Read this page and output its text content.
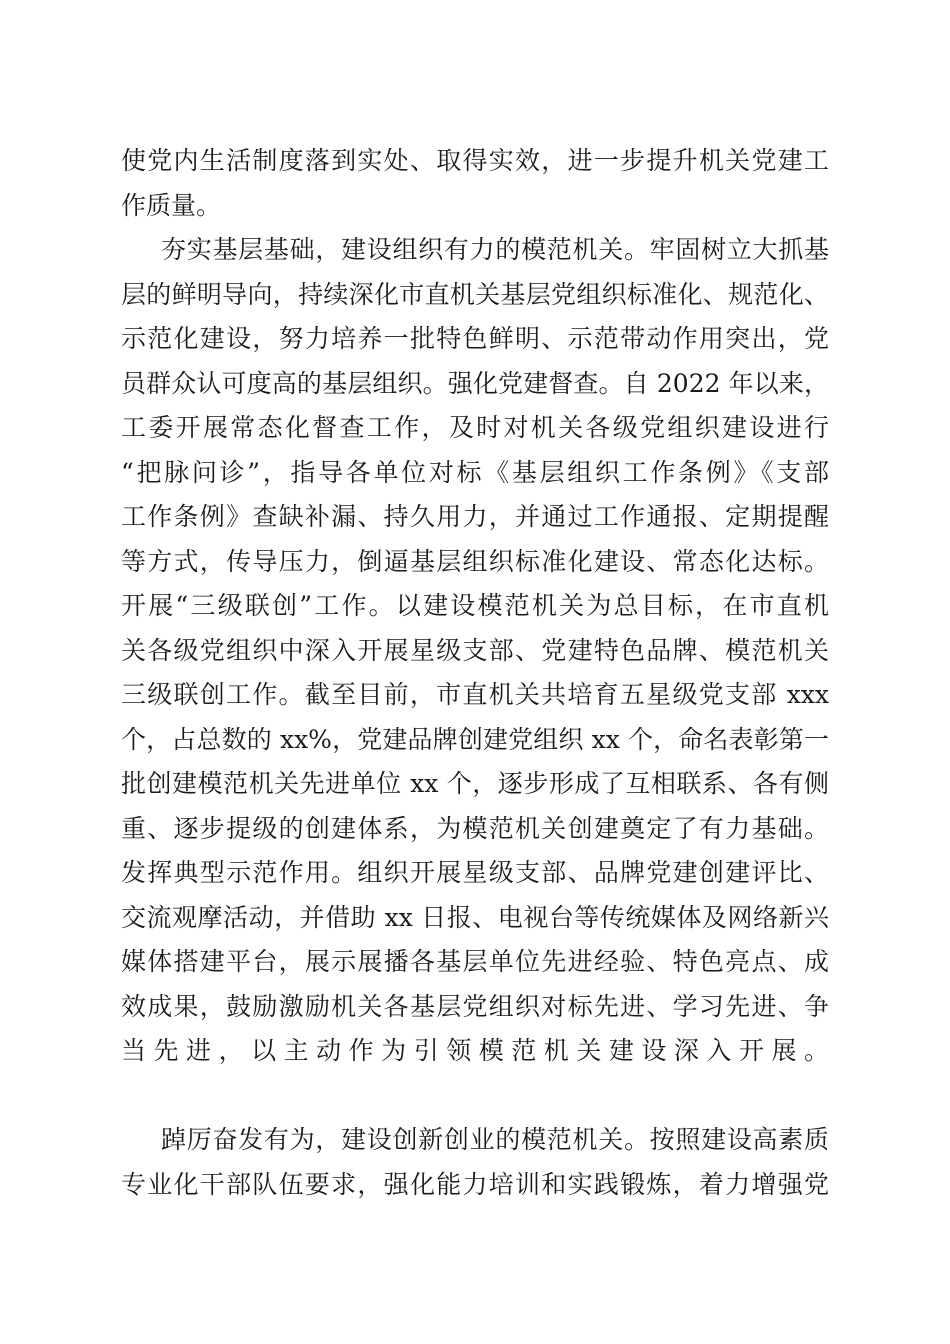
使党内生活制度落到实处、取得实效，进一步提升机关党建工
作质量。
夯实基层基础，建设组织有力的模范机关。牢固树立大抓基
层的鲜明导向，持续深化市直机关基层党组织标准化、规范化、
示范化建设，努力培养一批特色鲜明、示范带动作用突出，党
员群众认可度高的基层组织。强化党建督查。自 2022 年以来，
工委开展常态化督查工作，及时对机关各级党组织建设进行
“把脉问诊”，指导各单位对标《基层组织工作条例》《支部
工作条例》查缺补漏、持久用力，并通过工作通报、定期提醒
等方式，传导压力，倒逼基层组织标准化建设、常态化达标。
开展“三级联创”工作。以建设模范机关为总目标，在市直机
关各级党组织中深入开展星级支部、党建特色品牌、模范机关
三级联创工作。截至目前，市直机关共培育五星级党支部 xxx
个，占总数的 xx%，党建品牌创建党组织 xx 个，命名表彰第一
批创建模范机关先进单位 xx 个，逐步形成了互相联系、各有侧
重、逐步提级的创建体系，为模范机关创建奠定了有力基础。
发挥典型示范作用。组织开展星级支部、品牌党建创建评比、
交流观摩活动，并借助 xx 日报、电视台等传统媒体及网络新兴
媒体搭建平台，展示展播各基层单位先进经验、特色亮点、成
效成果，鼓励激励机关各基层党组织对标先进、学习先进、争
当先进，以主动作为引领模范机关建设深入开展。
踔厉奋发有为，建设创新创业的模范机关。按照建设高素质
专业化干部队伍要求，强化能力培训和实践锻炼，着力增强党
